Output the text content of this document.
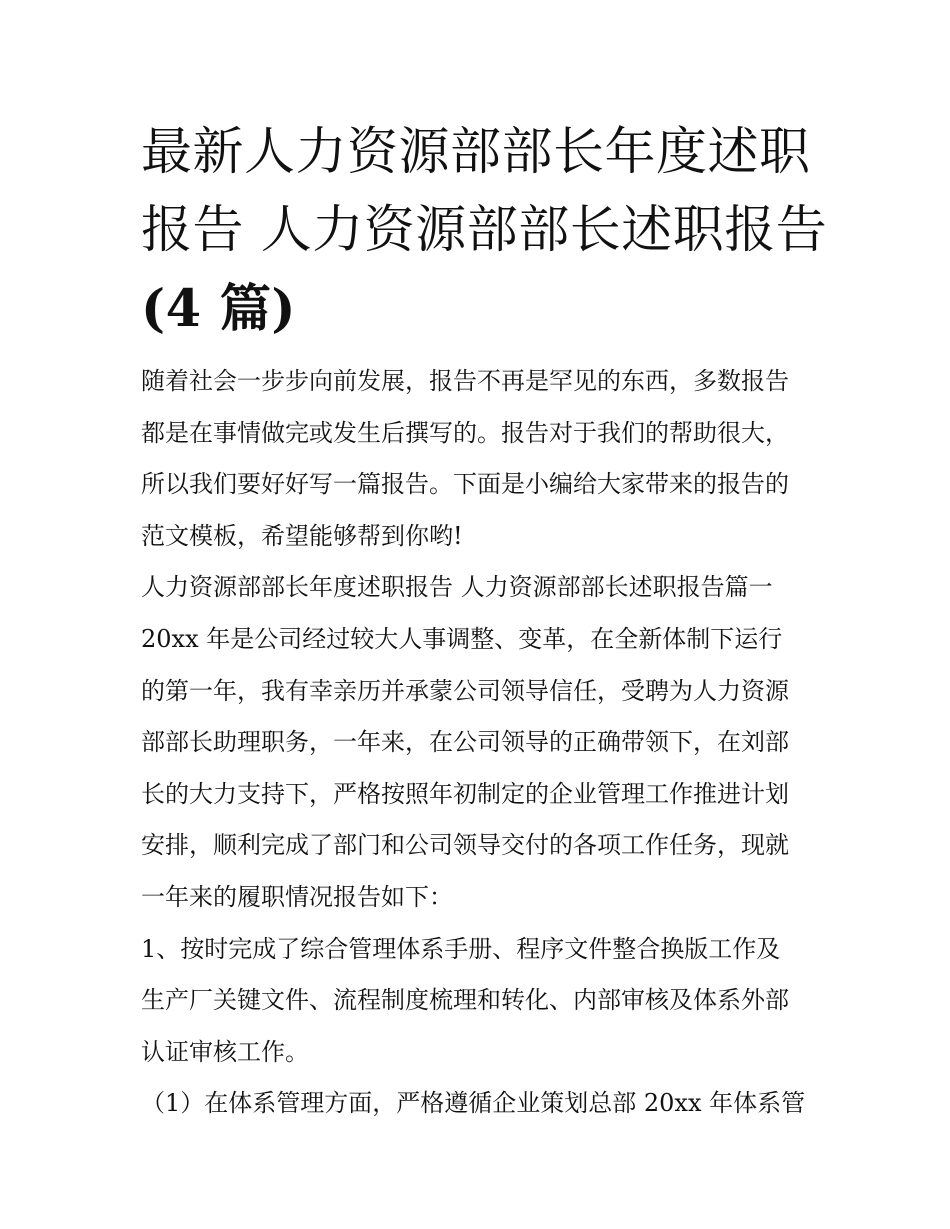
最新人力资源部部长年度述职
报告 人力资源部部长述职报告
(4 篇)
随着社会一步步向前发展，报告不再是罕见的东西，多数报告
都是在事情做完或发生后撰写的。报告对于我们的帮助很大，
所以我们要好好写一篇报告。下面是小编给大家带来的报告的
范文模板，希望能够帮到你哟!
人力资源部部长年度述职报告 人力资源部部长述职报告篇一
20xx 年是公司经过较大人事调整、变革，在全新体制下运行
的第一年，我有幸亲历并承蒙公司领导信任，受聘为人力资源
部部长助理职务，一年来，在公司领导的正确带领下，在刘部
长的大力支持下，严格按照年初制定的企业管理工作推进计划
安排，顺利完成了部门和公司领导交付的各项工作任务，现就
一年来的履职情况报告如下：
1、按时完成了综合管理体系手册、程序文件整合换版工作及
生产厂关键文件、流程制度梳理和转化、内部审核及体系外部
认证审核工作。
（1）在体系管理方面，严格遵循企业策划总部 20xx 年体系管
